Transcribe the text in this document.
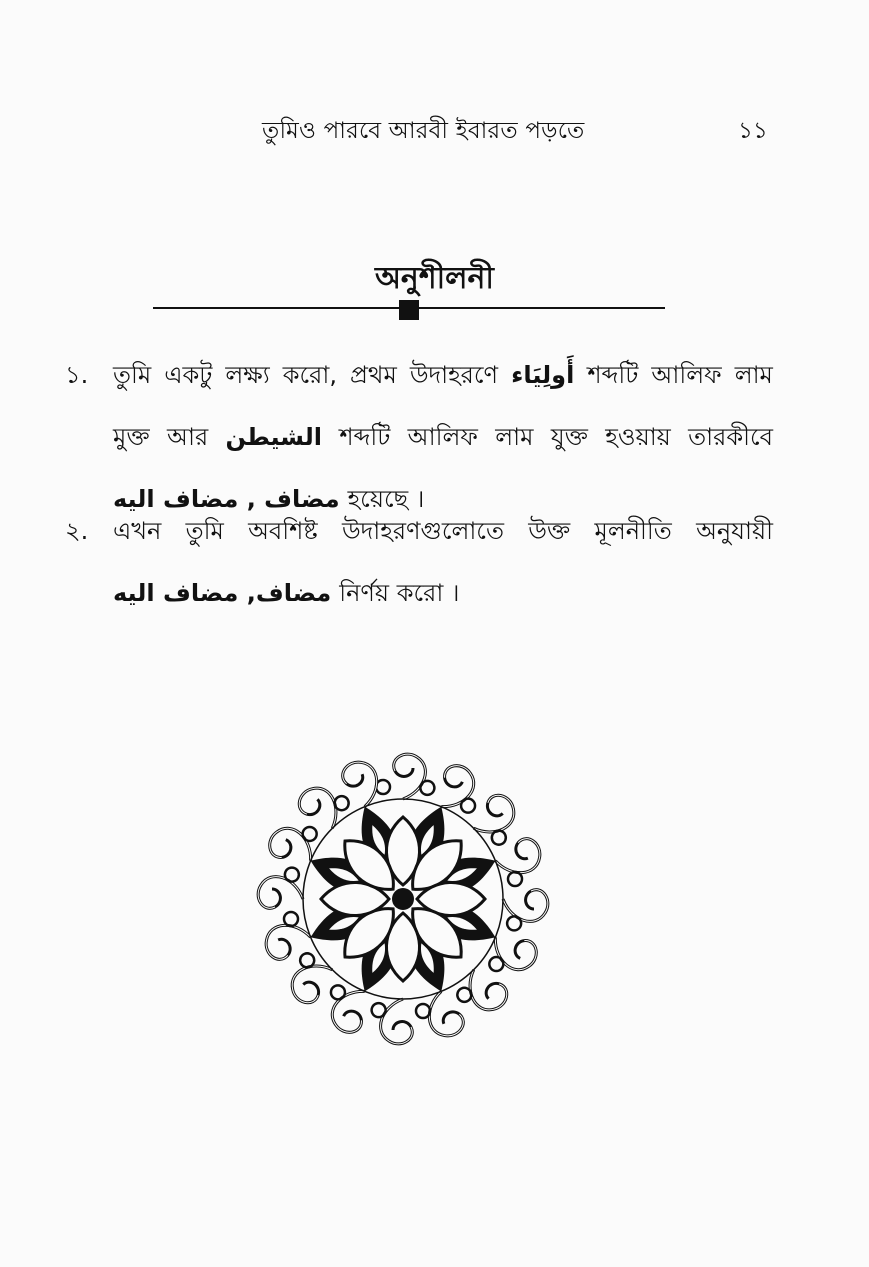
তুমিও পারবে আরবী ইবারত পড়তে	১১
অনুশীলনী
১. তুমি একটু লক্ষ্য করো, প্রথম উদাহরণে أَولِيَاء শব্দটি আলিফ লাম
মুক্ত আর الشيطن শব্দটি আলিফ লাম যুক্ত হওয়ায় তারকীবে
مضاف , مضاف اليه হয়েছে ।
২. এখন তুমি অবশিষ্ট উদাহরণগুলোতে উক্ত মূলনীতি অনুযায়ী
مضاف, مضاف اليه নির্ণয় করো ।
